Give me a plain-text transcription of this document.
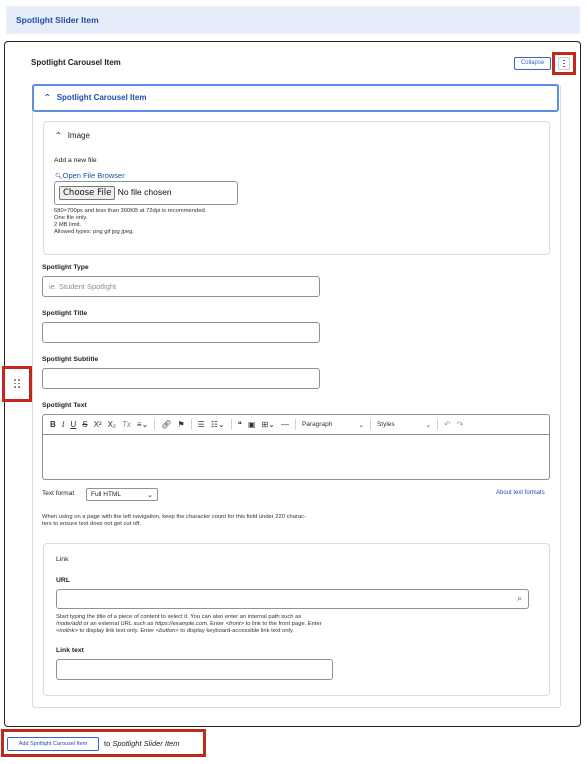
Spotlight Slider Item
Spotlight Carousel Item	Collapse
⌃ Spotlight Carousel Item
⌃ Image
Add a new file
🔍︎Open File Browser
Choose File No file chosen
680×700px and less than 300KB at 72dpi is recommended.
One file only.
2 MB limit.
Allowed types: png gif jpg jpeg.
Spotlight Type
ie. Student Spotlight
Spotlight Title
Spotlight Subtitle
Spotlight Text
B I U S X² X₂ Tx ≡⌄	🔗︎ ⚑	☰ ☷⌄	❝ ▣ ⊞⌄ —	Paragraph	⌄	Styles	⌄	↶ ↷
Text format	Full HTML	⌄	About text formats
When using on a page with the left navigation, keep the character count for this field under 220 charac-
ters to ensure text does not get cut off.
Link
URL
⌕
Start typing the title of a piece of content to select it. You can also enter an internal path such as
/node/add or an external URL such as https://example.com. Enter <front> to link to the front page. Enter
<nolink> to display link text only. Enter <button> to display keyboard-accessible link text only.
Link text
Add Spotlight Carousel Item	to Spotlight Slider Item
